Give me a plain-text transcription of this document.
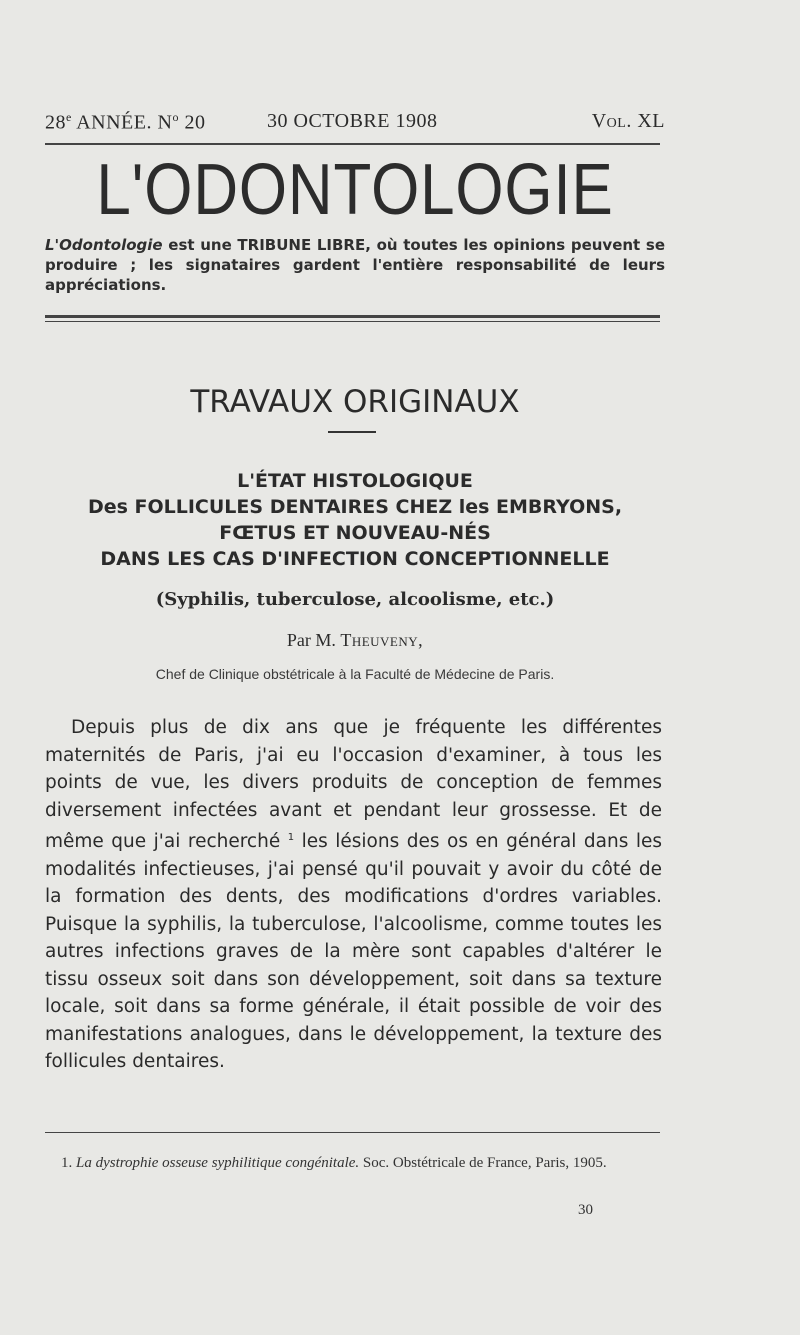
28e ANNÉE. $N^o$ 20	30 OCTOBRE 1908	Vol. XL
L'ODONTOLOGIE
L'Odontologie est une TRIBUNE LIBRE, où toutes les opinions peuvent se produire ; les signataires gardent l'entière responsabilité de leurs appréciations.
TRAVAUX ORIGINAUX
L'ÉTAT HISTOLOGIQUE
Des FOLLICULES DENTAIRES CHEZ les EMBRYONS,
FŒTUS ET NOUVEAU-NÉS
DANS LES CAS D'INFECTION CONCEPTIONNELLE
(Syphilis, tuberculose, alcoolisme, etc.)
Par M. Theuveny,
Chef de Clinique obstétricale à la Faculté de Médecine de Paris.

Depuis plus de dix ans que je fréquente les différentes maternités de Paris, j'ai eu l'occasion d'examiner, à tous les points de vue, les divers produits de conception de femmes diversement infectées avant et pendant leur grossesse. Et de même que j'ai recherché $^1$ les lésions des os en général dans les modalités infectieuses, j'ai pensé qu'il pouvait y avoir du côté de la formation des dents, des modifications d'ordres variables. Puisque la syphilis, la tuberculose, l'alcoolisme, comme toutes les autres infections graves de la mère sont capables d'altérer le tissu osseux soit dans son développement, soit dans sa texture locale, soit dans sa forme générale, il était possible de voir des manifestations analogues, dans le développement, la texture des follicules dentaires.

1. La dystrophie osseuse syphilitique congénitale. Soc. Obstétricale de France, Paris, 1905.

30
